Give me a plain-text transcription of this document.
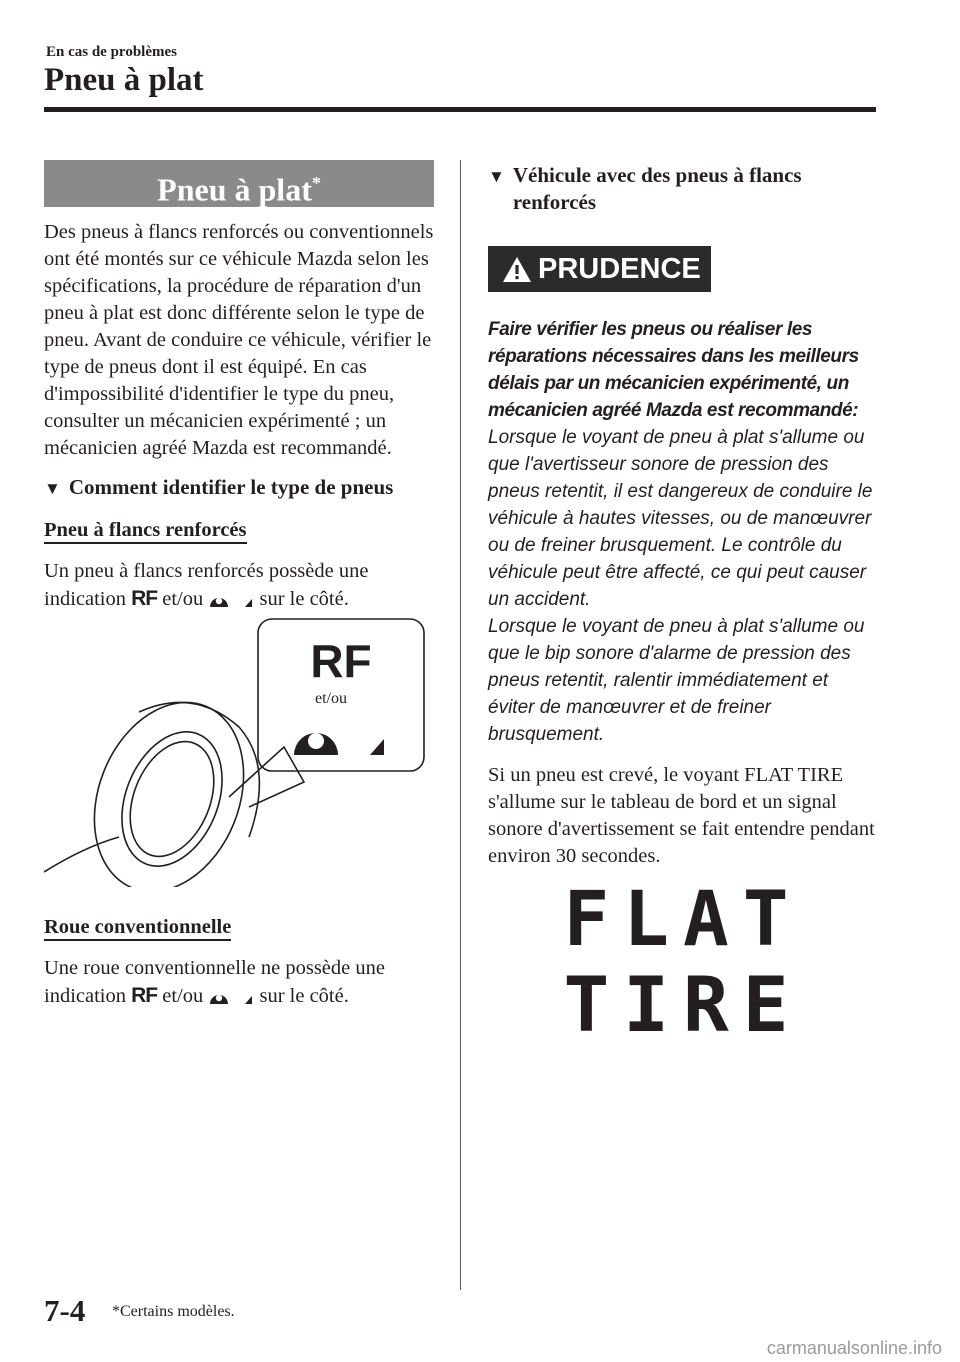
En cas de problèmes
Pneu à plat
Pneu à plat*

Des pneus à flancs renforcés ou conventionnels ont été montés sur ce véhicule Mazda selon les spécifications, la procédure de réparation d'un pneu à plat est donc différente selon le type de pneu. Avant de conduire ce véhicule, vérifier le type de pneus dont il est équipé. En cas d'impossibilité d'identifier le type du pneu, consulter un mécanicien expérimenté ; un mécanicien agréé Mazda est recommandé.

▼ Comment identifier le type de pneus
Pneu à flancs renforcés

Un pneu à flancs renforcés possède une indication RF et/ou	sur le côté.

RF
et/ou
Roue conventionnelle

Une roue conventionnelle ne possède une indication RF et/ou	sur le côté.

▼ Véhicule avec des pneus à flancs renforcés
PRUDENCE

Faire vérifier les pneus ou réaliser les réparations nécessaires dans les meilleurs délais par un mécanicien expérimenté, un mécanicien agréé Mazda est recommandé:

Lorsque le voyant de pneu à plat s'allume ou que l'avertisseur sonore de pression des pneus retentit, il est dangereux de conduire le véhicule à hautes vitesses, ou de manœuvrer ou de freiner brusquement. Le contrôle du véhicule peut être affecté, ce qui peut causer un accident.

Lorsque le voyant de pneu à plat s'allume ou que le bip sonore d'alarme de pression des pneus retentit, ralentir immédiatement et éviter de manœuvrer et de freiner brusquement.

Si un pneu est crevé, le voyant FLAT TIRE s'allume sur le tableau de bord et un signal sonore d'avertissement se fait entendre pendant environ 30 secondes.

FLAT
TIRE
7-4 *Certains modèles.
carmanualsonline.info
